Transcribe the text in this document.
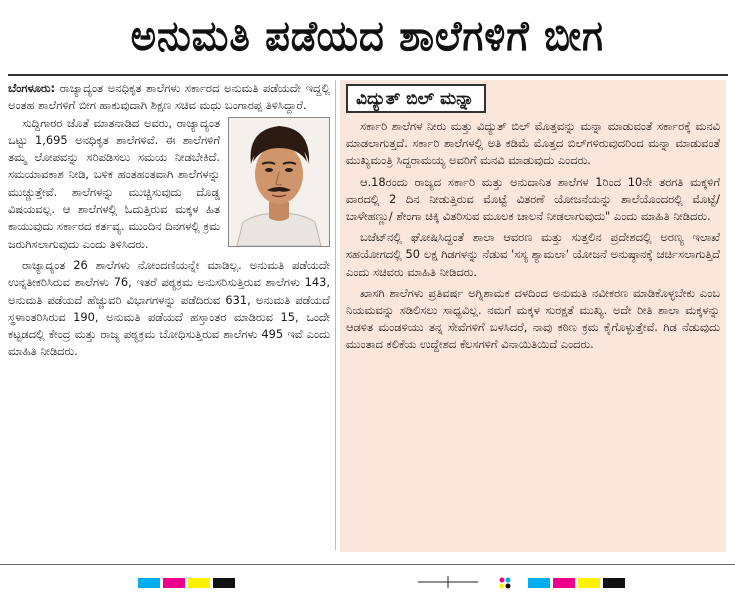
ಅನುಮತಿ ಪಡೆಯದ ಶಾಲೆಗಳಿಗೆ ಬೀಗ

ಬೆಂಗಳೂರು: ರಾಜ್ಯಾದ್ಯಂತ ಅನಧಿಕೃತ ಶಾಲೆಗಳು ಸರ್ಕಾರದ ಅನುಮತಿ ಪಡೆಯದೇ ಇದ್ದಲ್ಲಿ ಅಂತಹ ಶಾಲೆಗಳಿಗೆ ಬೀಗ ಹಾಕುವುದಾಗಿ ಶಿಕ್ಷಣ ಸಚಿವ ಮಧು ಬಂಗಾರಪ್ಪ ತಿಳಿಸಿದ್ದಾರೆ.

ಸುದ್ದಿಗಾರರ ಜೊತೆ ಮಾತನಾಡಿದ ಅವರು, ರಾಜ್ಯಾದ್ಯಂತ ಒಟ್ಟು 1,695 ಅನಧಿಕೃತ ಶಾಲೆಗಳಿವೆ. ಈ ಶಾಲೆಗಳಿಗೆ ತಮ್ಮ ಲೋಪವನ್ನು ಸರಿಪಡಿಸಲು ಸಮಯ ನೀಡಬೇಕಿದೆ. ಸಮಯಾವಕಾಶ ನೀಡಿ, ಬಳಿಕ ಹಂತಹಂತವಾಗಿ ಶಾಲೆಗಳನ್ನು ಮುಚ್ಚುತ್ತೇವೆ. ಶಾಲೆಗಳನ್ನು ಮುಚ್ಚಿಸುವುದು ದೊಡ್ಡ ವಿಷಯವಲ್ಲ. ಆ ಶಾಲೆಗಳಲ್ಲಿ ಓದುತ್ತಿರುವ ಮಕ್ಕಳ ಹಿತ ಕಾಯುವುದು ಸರ್ಕಾರದ ಕರ್ತವ್ಯ. ಮುಂದಿನ ದಿನಗಳಲ್ಲಿ ಕ್ರಮ ಜರುಗಿಸಲಾಗುವುದು ಎಂದು ತಿಳಿಸಿದರು.

ರಾಜ್ಯಾದ್ಯಂತ 26 ಶಾಲೆಗಳು ನೋಂದಣಿಯನ್ನೇ ಮಾಡಿಲ್ಲ. ಅನುಮತಿ ಪಡೆಯದೇ ಉನ್ನತೀಕರಿಸಿರುವ ಶಾಲೆಗಳು 76, ಇತರೆ ಪಠ್ಯಕ್ರಮ ಅನುಸರಿಸುತ್ತಿರುವ ಶಾಲೆಗಳು 143, ಅನುಮತಿ ಪಡೆಯದೆ ಹೆಚ್ಚುವರಿ ವಿಭಾಗಗಳನ್ನು ಪಡೆದಿರುವ 631, ಅನುಮತಿ ಪಡೆಯದೆ ಸ್ಥಳಾಂತರಿಸಿರುವ 190, ಅನುಮತಿ ಪಡೆಯದೆ ಹಸ್ತಾಂತರ ಮಾಡಿರುವ 15, ಒಂದೇ ಕಟ್ಟಡದಲ್ಲಿ ಕೇಂದ್ರ ಮತ್ತು ರಾಜ್ಯ ಪಠ್ಯಕ್ರಮ ಬೋಧಿಸುತ್ತಿರುವ ಶಾಲೆಗಳು 495 ಇವೆ ಎಂದು ಮಾಹಿತಿ ನೀಡಿದರು.

ವಿದ್ಯುತ್ ಬಿಲ್ ಮನ್ನಾ

ಸರ್ಕಾರಿ ಶಾಲೆಗಳ ನೀರು ಮತ್ತು ವಿದ್ಯುತ್ ಬಿಲ್ ಮೊತ್ತವನ್ನು ಮನ್ನಾ ಮಾಡುವಂತೆ ಸರ್ಕಾರಕ್ಕೆ ಮನವಿ ಮಾಡಲಾಗುತ್ತದೆ. ಸರ್ಕಾರಿ ಶಾಲೆಗಳಲ್ಲಿ ಅತಿ ಕಡಿಮೆ ಮೊತ್ತದ ಬಿಲ್‌ಗಳಿರುವುದರಿಂದ ಮನ್ನಾ ಮಾಡುವಂತೆ ಮುಖ್ಯಮಂತ್ರಿ ಸಿದ್ದರಾಮಯ್ಯ ಅವರಿಗೆ ಮನವಿ ಮಾಡುವುದು ಎಂದರು.

ಆ.18ರಂದು ರಾಜ್ಯದ ಸರ್ಕಾರಿ ಮತ್ತು ಅನುದಾನಿತ ಶಾಲೆಗಳ 1ರಿಂದ 10ನೇ ತರಗತಿ ಮಕ್ಕಳಿಗೆ ವಾರದಲ್ಲಿ 2 ದಿನ ನೀಡುತ್ತಿರುವ ಮೊಟ್ಟೆ ವಿತರಣೆ ಯೋಜನೆಯನ್ನು ಶಾಲೆಯೊಂದರಲ್ಲಿ ಮೊಟ್ಟೆ/ ಬಾಳೇಹಣ್ಣು/ ಶೇಂಗಾ ಚಿಕ್ಕಿ ವಿತರಿಸುವ ಮೂಲಕ ಚಾಲನೆ ನೀಡಲಾಗುವುದು" ಎಂದು ಮಾಹಿತಿ ನೀಡಿದರು.

ಬಜೆಟ್‌ನಲ್ಲಿ ಘೋಷಿಸಿದ್ದಂತೆ ಶಾಲಾ ಆವರಣ ಮತ್ತು ಸುತ್ತಲಿನ ಪ್ರದೇಶದಲ್ಲಿ ಅರಣ್ಯ ಇಲಾಖೆ ಸಹಯೋಗದಲ್ಲಿ 50 ಲಕ್ಷ ಗಿಡಗಳನ್ನು ನೆಡುವ 'ಸಸ್ಯ ಶ್ಯಾಮಲಾ' ಯೋಜನೆ ಅನುಷ್ಠಾನಕ್ಕೆ ಚರ್ಚಿಸಲಾಗುತ್ತಿದೆ ಎಂದು ಸಚಿವರು ಮಾಹಿತಿ ನೀಡಿದರು.

ಖಾಸಗಿ ಶಾಲೆಗಳು ಪ್ರತಿವರ್ಷ ಅಗ್ನಿಶಾಮಕ ದಳದಿಂದ ಅನುಮತಿ ನವೀಕರಣ ಮಾಡಿಕೊಳ್ಳಬೇಕು ಎಂಬ ನಿಯಮವನ್ನು ಸಡಿಲಿಸಲು ಸಾಧ್ಯವಿಲ್ಲ. ನಮಗೆ ಮಕ್ಕಳ ಸುರಕ್ಷತೆ ಮುಖ್ಯ. ಅದೇ ರೀತಿ ಶಾಲಾ ಮಕ್ಕಳನ್ನು ಆಡಳಿತ ಮಂಡಳಿಯು ತನ್ನ ಸೇವೆಗಳಿಗೆ ಬಳಸಿದರೆ, ನಾವು ಕಠಿಣ ಕ್ರಮ ಕೈಗೊಳ್ಳುತ್ತೇವೆ. ಗಿಡ ನೆಡುವುದು ಮುಂತಾದ ಕಲಿಕೆಯ ಉದ್ದೇಶದ ಕೆಲಸಗಳಿಗೆ ವಿನಾಯಿತಿಯಿದೆ ಎಂದರು.
